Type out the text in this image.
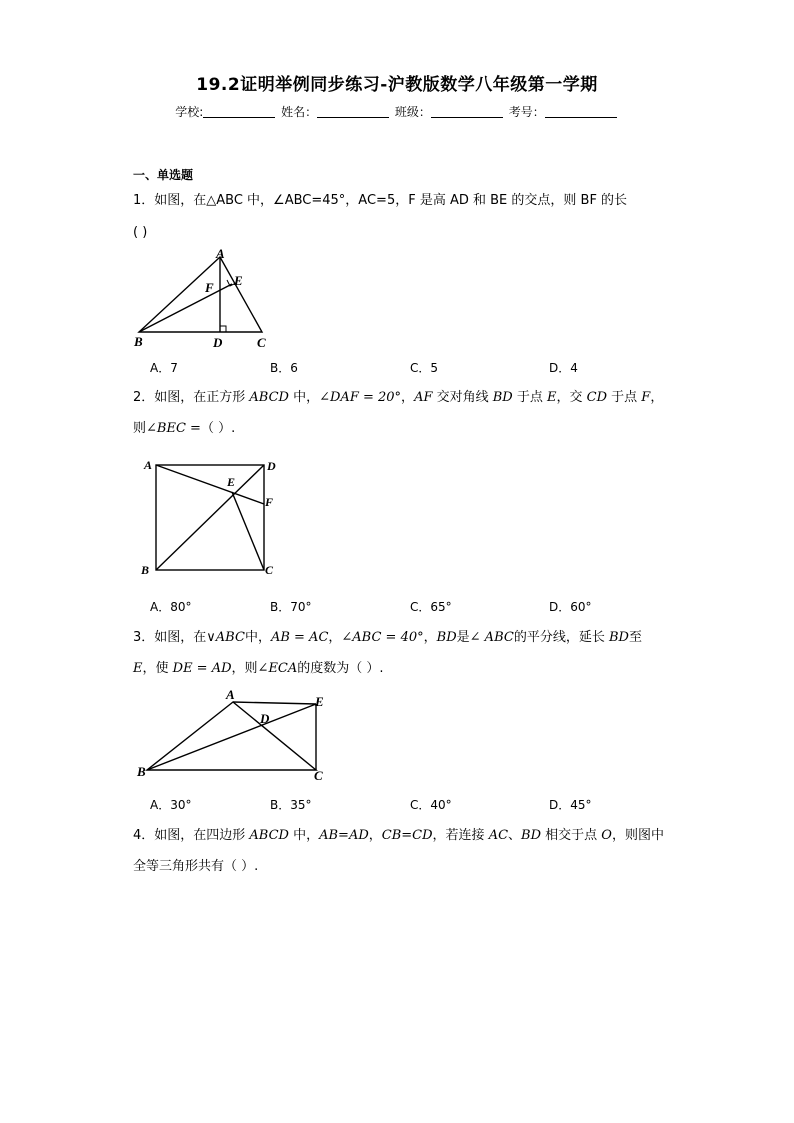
19.2证明举例同步练习-沪教版数学八年级第一学期
学校:	姓名：	班级：	考号：
一、单选题
1．如图，在△ABC 中，∠ABC=45°，AC=5，F 是高 AD 和 BE 的交点，则 BF 的长
( )
A
E
F
B	D	C
A．7	B．6	C．5	D．4
2．如图，在正方形 ABCD 中，∠DAF = 20°，AF 交对角线 BD 于点 E，交 CD 于点 F，
则∠BEC =（ ）.
A	D
E
F
B	C
A．80°	B．70°	C．65°	D．60°
3．如图，在∨ABC中，AB = AC，∠ABC = 40°，BD是∠ ABC的平分线，延长 BD至
E，使 DE = AD，则∠ECA的度数为（ ）.
A	E
D
B	C
A．30°	B．35°	C．40°	D．45°
4．如图，在四边形 ABCD 中，AB=AD，CB=CD，若连接 AC、BD 相交于点 O，则图中
全等三角形共有（ ）.
